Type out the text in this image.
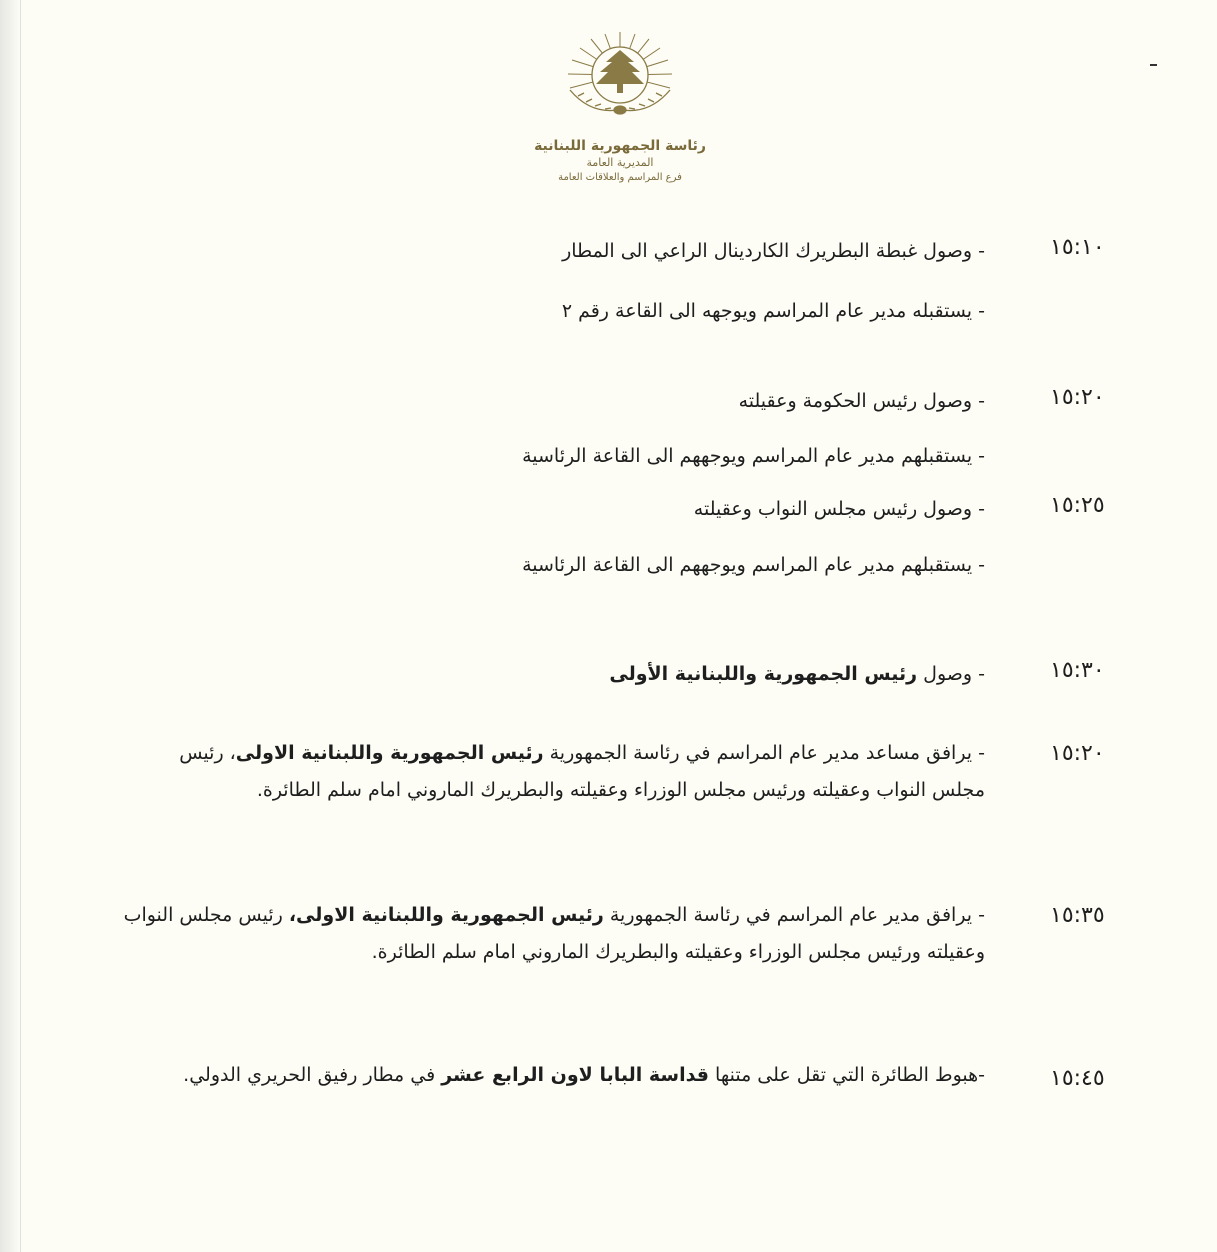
رئاسة الجمهورية اللبنانية
المديرية العامة
فرع المراسم والعلاقات العامة
١٥:١٠
- وصول غبطة البطريرك الكاردينال الراعي الى المطار
- يستقبله مدير عام المراسم ويوجهه الى القاعة رقم ٢
١٥:٢٠
- وصول رئيس الحكومة وعقيلته
- يستقبلهم مدير عام المراسم ويوجههم الى القاعة الرئاسية
١٥:٢٥
- وصول رئيس مجلس النواب وعقيلته
- يستقبلهم مدير عام المراسم ويوجههم الى القاعة الرئاسية
١٥:٣٠
- وصول رئيس الجمهورية واللبنانية الأولى
١٥:٢٠
- يرافق مساعد مدير عام المراسم في رئاسة الجمهورية رئيس الجمهورية واللبنانية الاولى، رئيس مجلس النواب وعقيلته ورئيس مجلس الوزراء وعقيلته والبطريرك الماروني امام سلم الطائرة.
١٥:٣٥
- يرافق مدير عام المراسم في رئاسة الجمهورية رئيس الجمهورية واللبنانية الاولى، رئيس مجلس النواب وعقيلته ورئيس مجلس الوزراء وعقيلته والبطريرك الماروني امام سلم الطائرة.
١٥:٤٥
-هبوط الطائرة التي تقل على متنها قداسة البابا لاون الرابع عشر في مطار رفيق الحريري الدولي.
